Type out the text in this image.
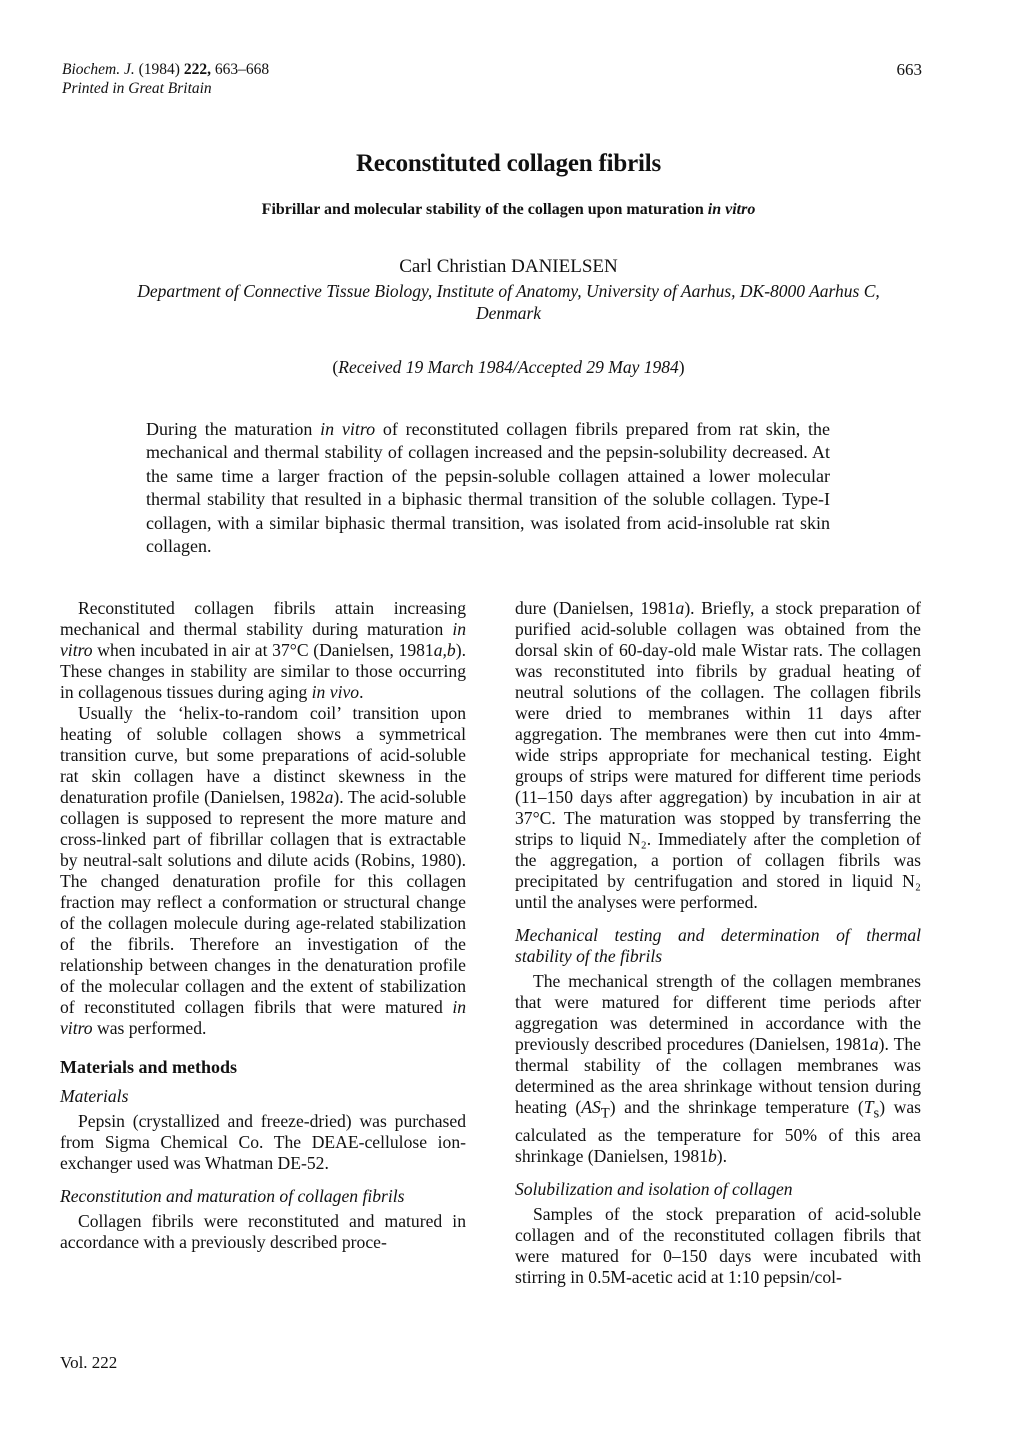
Biochem. J. (1984) 222, 663–668
Printed in Great Britain
663
Reconstituted collagen fibrils
Fibrillar and molecular stability of the collagen upon maturation in vitro
Carl Christian DANIELSEN
Department of Connective Tissue Biology, Institute of Anatomy, University of Aarhus, DK-8000 Aarhus C,
Denmark
(Received 19 March 1984/Accepted 29 May 1984)
During the maturation in vitro of reconstituted collagen fibrils prepared from rat skin, the mechanical and thermal stability of collagen increased and the pepsin-solubility decreased. At the same time a larger fraction of the pepsin-soluble collagen attained a lower molecular thermal stability that resulted in a biphasic thermal transition of the soluble collagen. Type-I collagen, with a similar biphasic thermal transition, was isolated from acid-insoluble rat skin collagen.

Reconstituted collagen fibrils attain increasing mechanical and thermal stability during maturation in vitro when incubated in air at 37°C (Danielsen, 1981a,b). These changes in stability are similar to those occurring in collagenous tissues during aging in vivo.

Usually the ‘helix-to-random coil’ transition upon heating of soluble collagen shows a symmetrical transition curve, but some preparations of acid-soluble rat skin collagen have a distinct skewness in the denaturation profile (Danielsen, 1982a). The acid-soluble collagen is supposed to represent the more mature and cross-linked part of fibrillar collagen that is extractable by neutral-salt solutions and dilute acids (Robins, 1980). The changed denaturation profile for this collagen fraction may reflect a conformation or structural change of the collagen molecule during age-related stabilization of the fibrils. Therefore an investigation of the relationship between changes in the denaturation profile of the molecular collagen and the extent of stabilization of reconstituted collagen fibrils that were matured in vitro was performed.

Materials and methods
Materials

Pepsin (crystallized and freeze-dried) was purchased from Sigma Chemical Co. The DEAE-cellulose ion-exchanger used was Whatman DE-52.

Reconstitution and maturation of collagen fibrils

Collagen fibrils were reconstituted and matured in accordance with a previously described proce-

dure (Danielsen, 1981a). Briefly, a stock preparation of purified acid-soluble collagen was obtained from the dorsal skin of 60-day-old male Wistar rats. The collagen was reconstituted into fibrils by gradual heating of neutral solutions of the collagen. The collagen fibrils were dried to membranes within 11 days after aggregation. The membranes were then cut into 4mm-wide strips appropriate for mechanical testing. Eight groups of strips were matured for different time periods (11–150 days after aggregation) by incubation in air at 37°C. The maturation was stopped by transferring the strips to liquid N₂. Immediately after the completion of the aggregation, a portion of collagen fibrils was precipitated by centrifugation and stored in liquid N₂ until the analyses were performed.

Mechanical testing and determination of thermal stability of the fibrils

The mechanical strength of the collagen membranes that were matured for different time periods after aggregation was determined in accordance with the previously described procedures (Danielsen, 1981a). The thermal stability of the collagen membranes was determined as the area shrinkage without tension during heating $(AS_T)$ and the shrinkage temperature $(T_s)$ was calculated as the temperature for 50% of this area shrinkage (Danielsen, 1981b).

Solubilization and isolation of collagen

Samples of the stock preparation of acid-soluble collagen and of the reconstituted collagen fibrils that were matured for 0–150 days were incubated with stirring in 0.5M-acetic acid at 1:10 pepsin/col-

Vol. 222
